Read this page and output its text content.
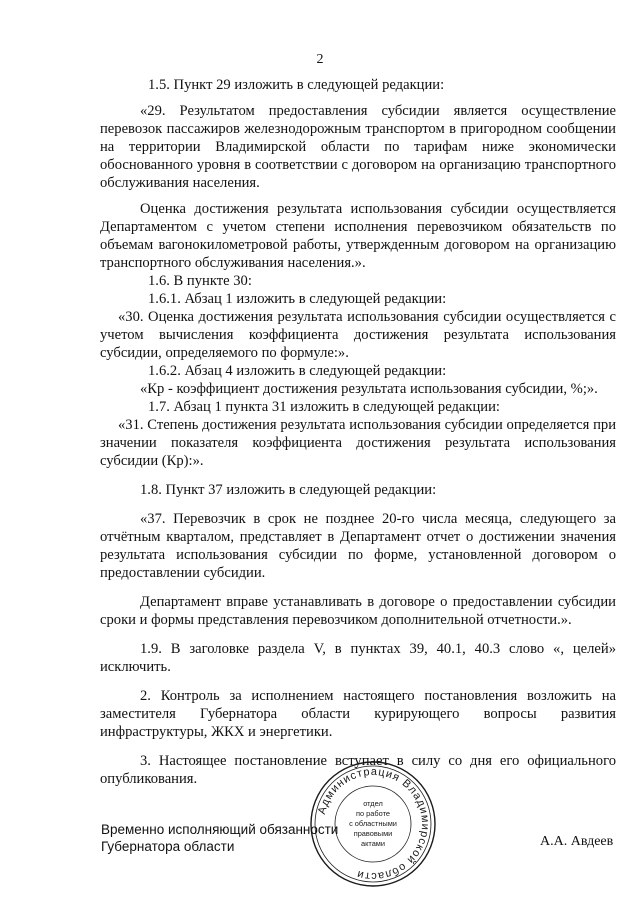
2

1.5. Пункт 29 изложить в следующей редакции:

«29. Результатом предоставления субсидии является осуществление перевозок пассажиров железнодорожным транспортом в пригородном сообщении на территории Владимирской области по тарифам ниже экономически обоснованного уровня в соответствии с договором на организацию транспортного обслуживания населения.

Оценка достижения результата использования субсидии осуществляется Департаментом с учетом степени исполнения перевозчиком обязательств по объемам вагонокилометровой работы, утвержденным договором на организацию транспортного обслуживания населения.».

1.6. В пункте 30:

1.6.1. Абзац 1 изложить в следующей редакции:

«30. Оценка достижения результата использования субсидии осуществляется с учетом вычисления коэффициента достижения результата использования субсидии, определяемого по формуле:».

1.6.2. Абзац 4 изложить в следующей редакции:

«Кр - коэффициент достижения результата использования субсидии, %;».

1.7. Абзац 1 пункта 31 изложить в следующей редакции:

«31. Степень достижения результата использования субсидии определяется при значении показателя коэффициента достижения результата использования субсидии (Кр):».

1.8. Пункт 37 изложить в следующей редакции:

«37. Перевозчик в срок не позднее 20-го числа месяца, следующего за отчётным кварталом, представляет в Департамент отчет о достижении значения результата использования субсидии по форме, установленной договором о предоставлении субсидии.

Департамент вправе устанавливать в договоре о предоставлении субсидии сроки и формы представления перевозчиком дополнительной отчетности.».

1.9. В заголовке раздела V, в пунктах 39, 40.1, 40.3 слово «, целей» исключить.

2. Контроль за исполнением настоящего постановления возложить на заместителя Губернатора области курирующего вопросы развития инфраструктуры, ЖКХ и энергетики.

3. Настоящее постановление вступает в силу со дня его официального опубликования.

Администрация Владимирской области
отдел
по работе
с областными
правовыми
актами
Временно исполняющий обязанности
Губернатора области	А.А. Авдеев
